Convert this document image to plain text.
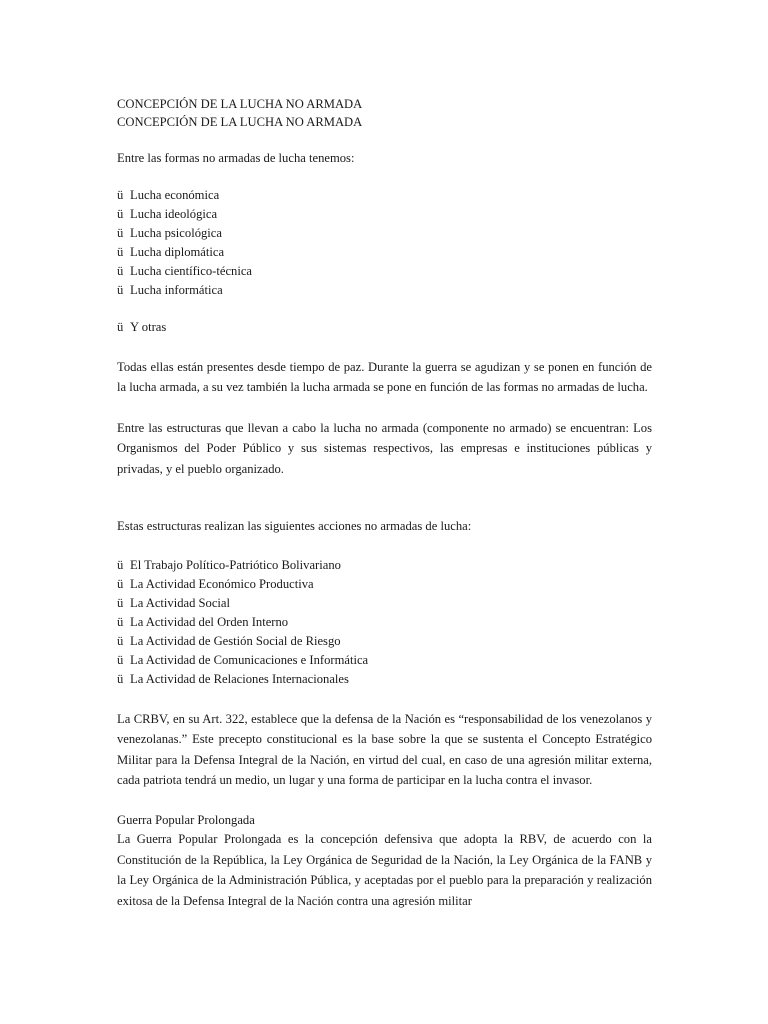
CONCEPCIÓN DE LA LUCHA NO ARMADA
CONCEPCIÓN DE LA LUCHA NO ARMADA
Entre las formas no armadas de lucha tenemos:
ü Lucha económica
ü Lucha ideológica
ü Lucha psicológica
ü Lucha diplomática
ü Lucha científico-técnica
ü Lucha informática
ü Y otras

Todas ellas están presentes desde tiempo de paz. Durante la guerra se agudizan y se ponen en función de la lucha armada, a su vez también la lucha armada se pone en función de las formas no armadas de lucha.

Entre las estructuras que llevan a cabo la lucha no armada (componente no armado) se encuentran: Los Organismos del Poder Público y sus sistemas respectivos, las empresas e instituciones públicas y privadas, y el pueblo organizado.

Estas estructuras realizan las siguientes acciones no armadas de lucha:
ü El Trabajo Político-Patriótico Bolivariano
ü La Actividad Económico Productiva
ü La Actividad Social
ü La Actividad del Orden Interno
ü La Actividad de Gestión Social de Riesgo
ü La Actividad de Comunicaciones e Informática
ü La Actividad de Relaciones Internacionales

La CRBV, en su Art. 322, establece que la defensa de la Nación es “responsabilidad de los venezolanos y venezolanas.” Este precepto constitucional es la base sobre la que se sustenta el Concepto Estratégico Militar para la Defensa Integral de la Nación, en virtud del cual, en caso de una agresión militar externa, cada patriota tendrá un medio, un lugar y una forma de participar en la lucha contra el invasor.

Guerra Popular Prolongada

La Guerra Popular Prolongada es la concepción defensiva que adopta la RBV, de acuerdo con la Constitución de la República, la Ley Orgánica de Seguridad de la Nación, la Ley Orgánica de la FANB y la Ley Orgánica de la Administración Pública, y aceptadas por el pueblo para la preparación y realización exitosa de la Defensa Integral de la Nación contra una agresión militar
